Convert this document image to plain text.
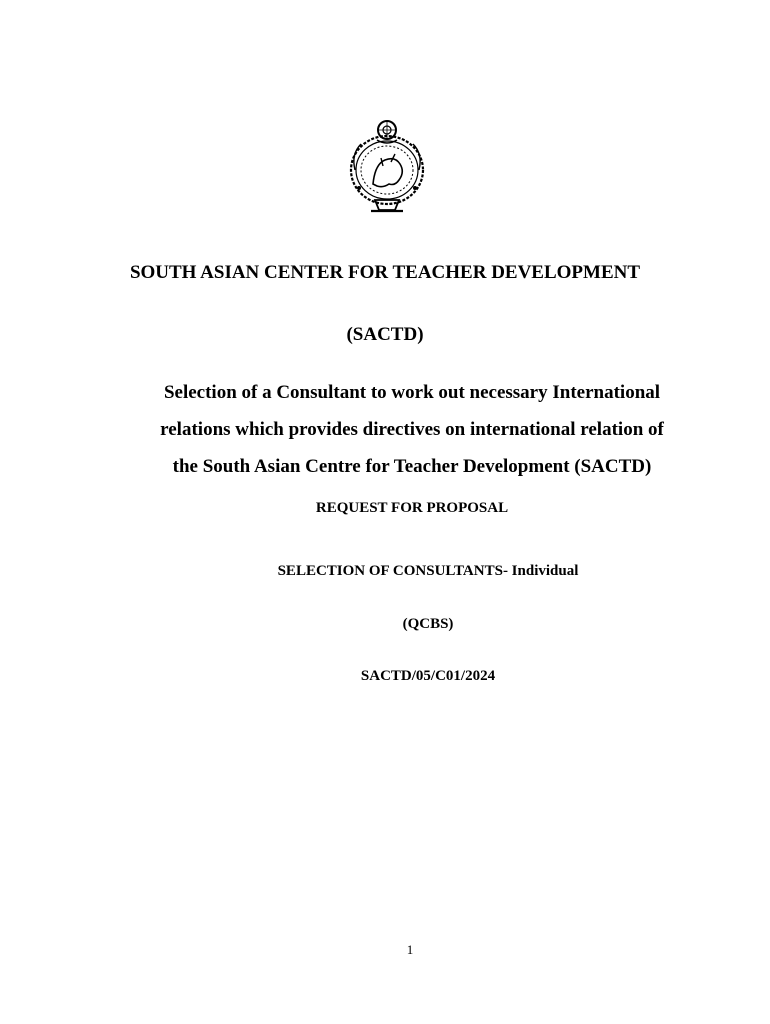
SOUTH ASIAN CENTER FOR TEACHER DEVELOPMENT
(SACTD)
Selection of a Consultant to work out necessary International
relations which provides directives on international relation of
the South Asian Centre for Teacher Development (SACTD)
REQUEST FOR PROPOSAL
SELECTION OF CONSULTANTS- Individual
(QCBS)
SACTD/05/C01/2024
1
